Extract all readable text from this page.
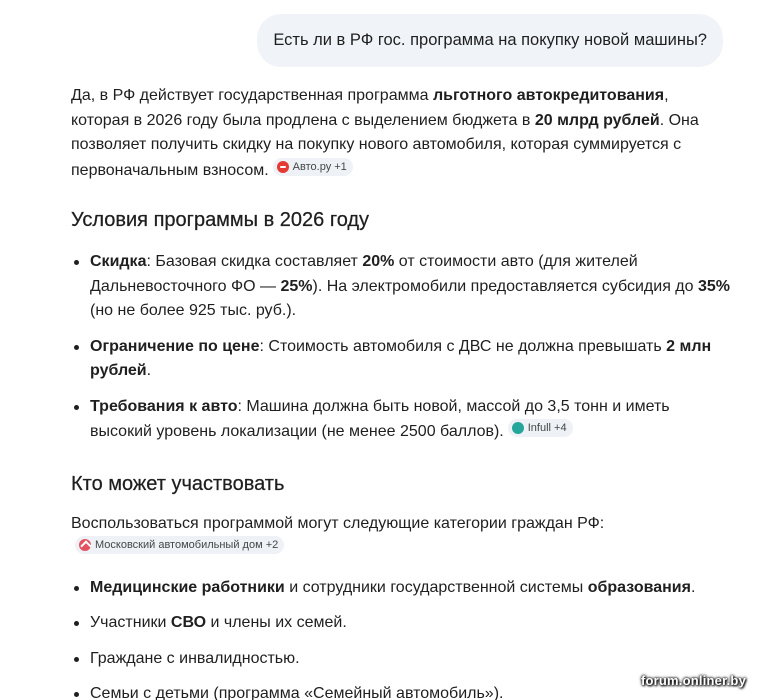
Есть ли в РФ гос. программа на покупку новой машины?

Да, в РФ действует государственная программа льготного автокредитования, которая в 2026 году была продлена с выделением бюджета в 20 млрд рублей. Она позволяет получить скидку на покупку нового автомобиля, которая суммируется с первоначальным взносом. Авто.ру +1

Условия программы в 2026 году
Скидка: Базовая скидка составляет 20% от стоимости авто (для жителей Дальневосточного ФО — 25%). На электромобили предоставляется субсидия до 35% (но не более 925 тыс. руб.).
Ограничение по цене: Стоимость автомобиля с ДВС не должна превышать 2 млн рублей.
Требования к авто: Машина должна быть новой, массой до 3,5 тонн и иметь высокий уровень локализации (не менее 2500 баллов). Infull +4
Кто может участвовать

Воспользоваться программой могут следующие категории граждан РФ:
Московский автомобильный дом +2

Медицинские работники и сотрудники государственной системы образования.
Участники СВО и члены их семей.
Граждане с инвалидностью.
Семьи с детьми (программа «Семейный автомобиль»).
forum.onliner.by
